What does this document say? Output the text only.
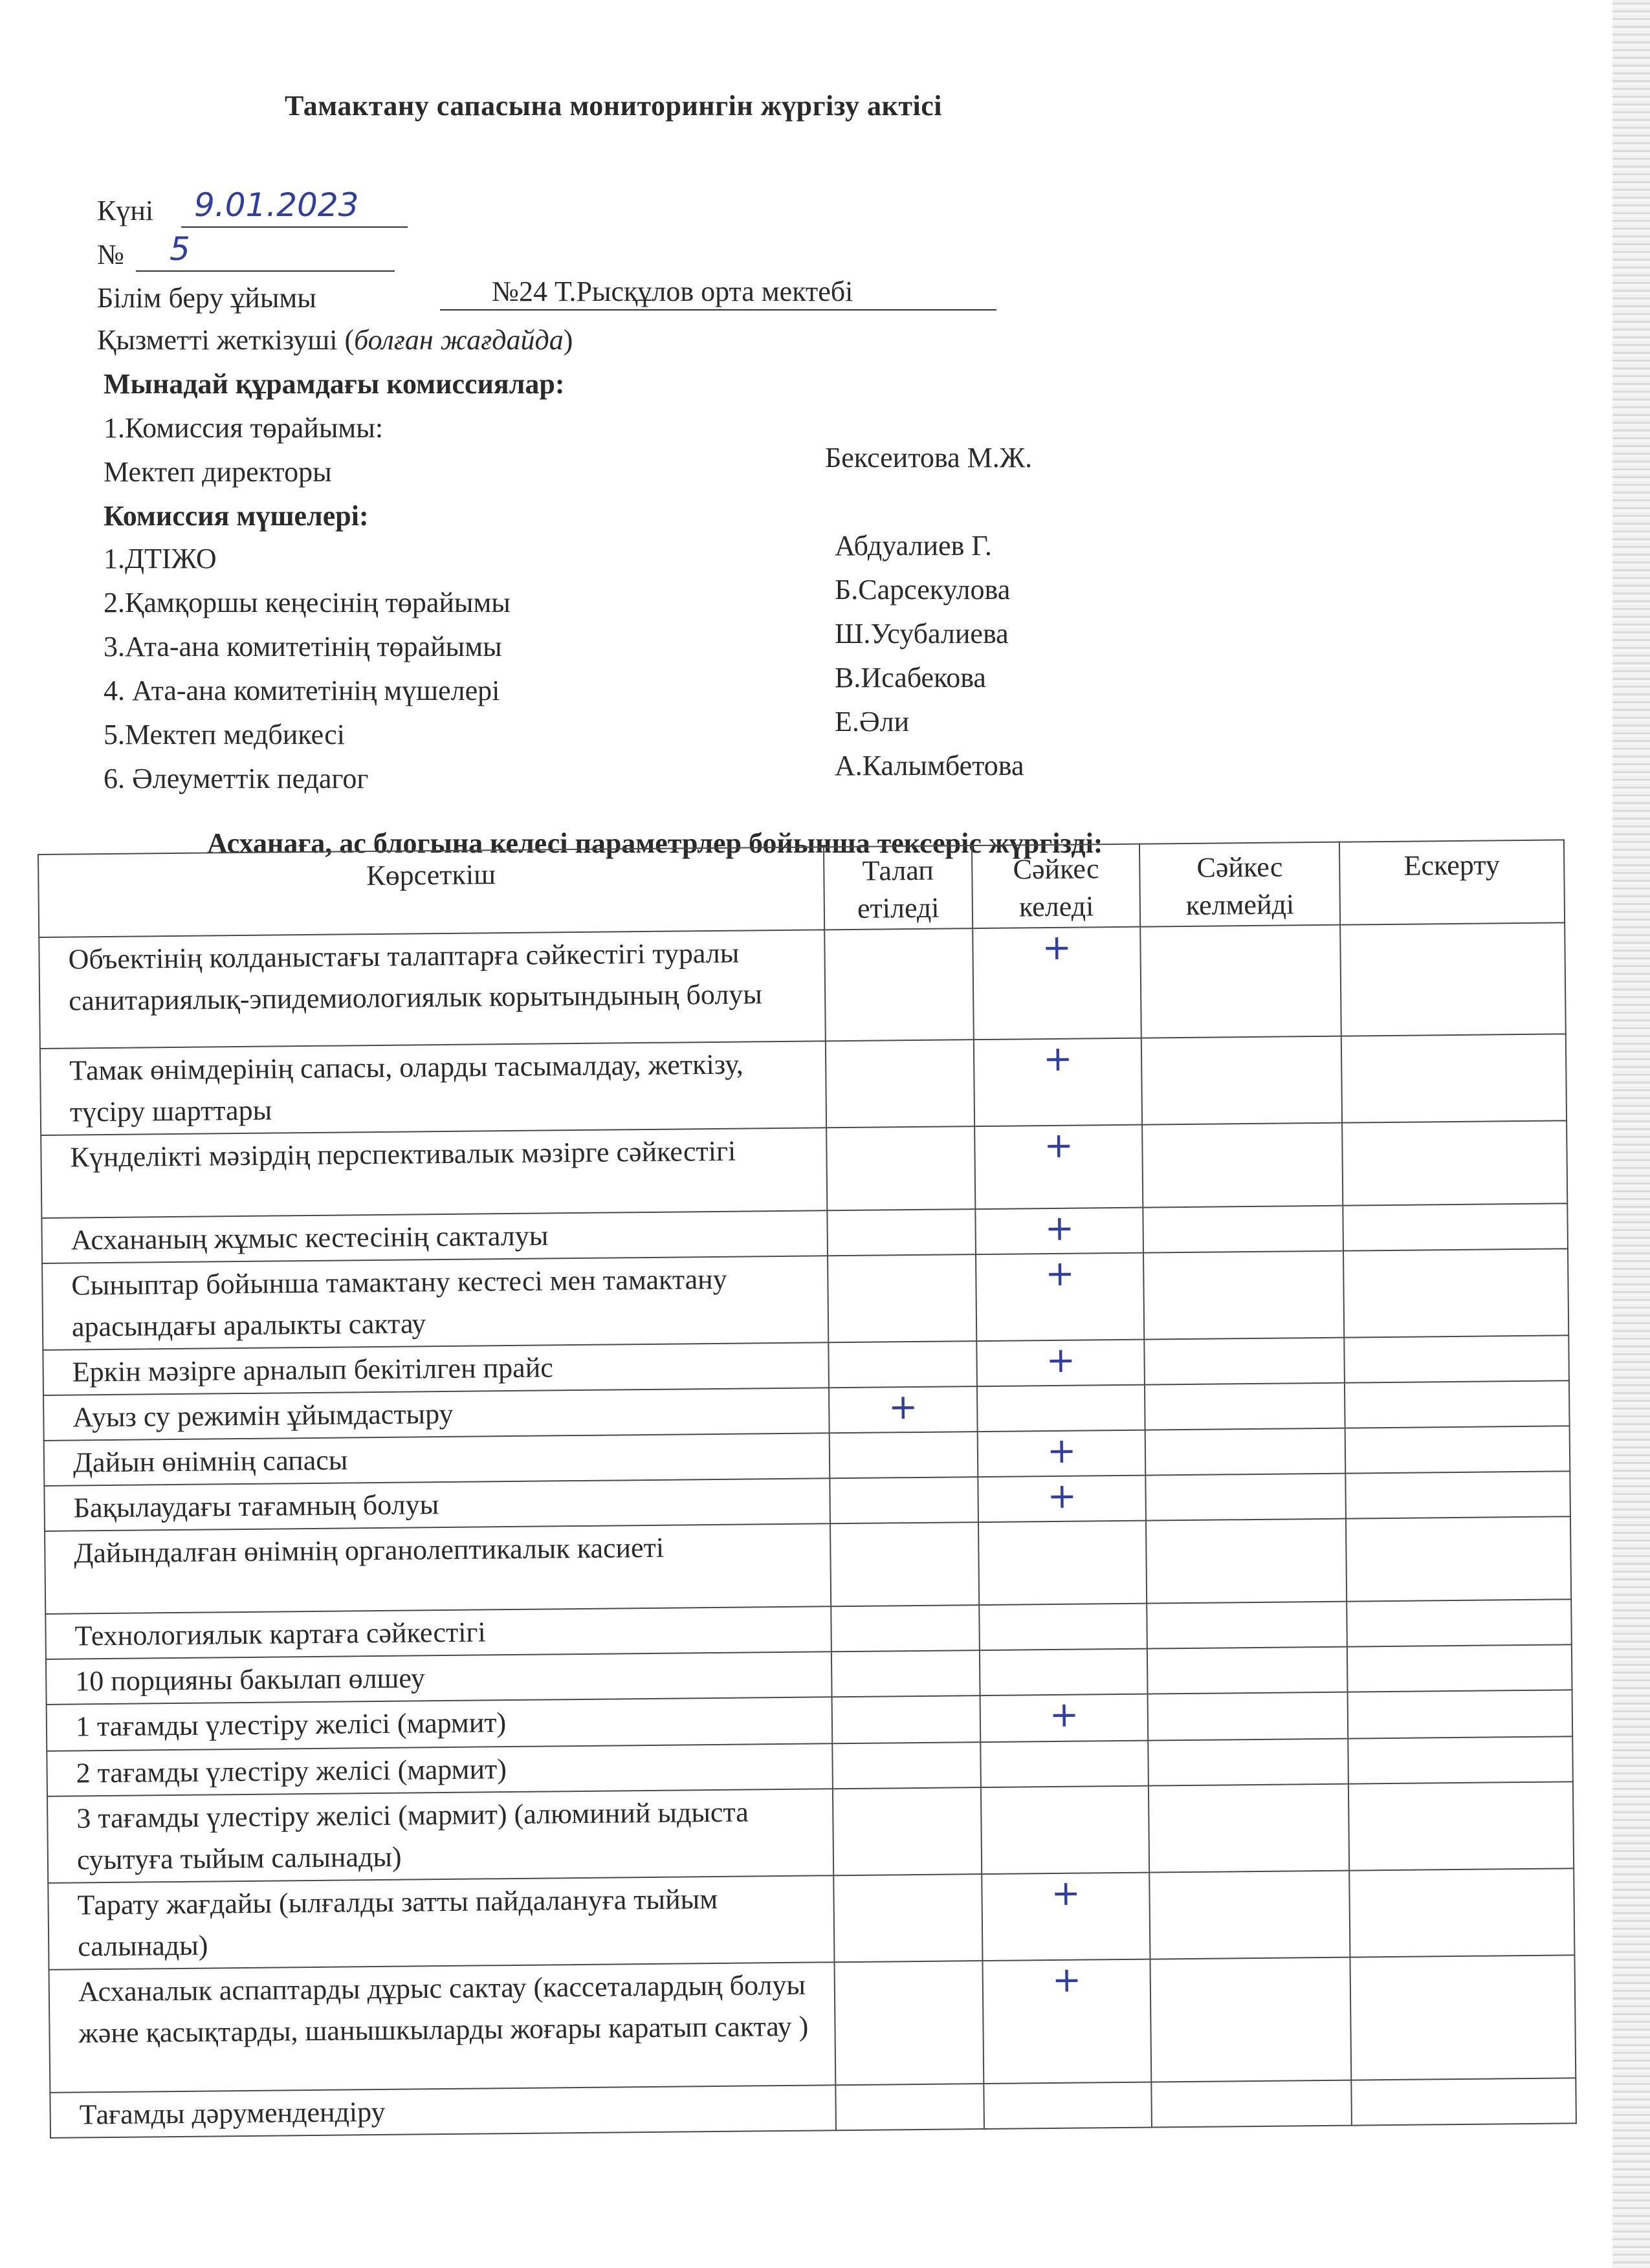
Тамактану сапасына мониторингін жүргізу актісі
Күні 9.01.2023
№ 5
Білім беру ұйымы	№24 Т.Рысқұлов орта мектебі
Қызметті жеткізуші (болған жағдайда)
Мынадай құрамдағы комиссиялар:
1.Комиссия төрайымы:
Мектеп директоры	Бексеитова М.Ж.
Комиссия мүшелері:
1.ДТІЖО
2.Қамқоршы кеңесінің төрайымы
3.Ата-ана комитетінің төрайымы
4. Ата-ана комитетінің мүшелері
5.Мектеп медбикесі
6. Әлеуметтік педагог
Абдуалиев Г.
Б.Сарсекулова
Ш.Усубалиева
В.Исабекова
Е.Әли
А.Калымбетова
Асханаға, ас блогына келесі параметрлер бойынша тексеріс жүргізді:
Көрсеткіш	Талап етіледі	Сәйкес келеді	Сәйкес келмейді	Ескерту
Объектінің колданыстағы талаптарға сәйкестігі туралы санитариялық-эпидемиологиялык корытындының болуы		+		

Тамак өнімдерінің сапасы, оларды тасымалдау, жеткізу, түсіру шарттары		+		

Күнделікті мәзірдің перспективалык мәзірге сәйкестігі		+		

Асхананың жұмыс кестесінің сакталуы		+		

Сыныптар бойынша тамактану кестесі мен тамактану арасындағы аралыкты сактау		+		

Еркін мәзірге арналып бекітілген прайс		+		

Ауыз су режимін ұйымдастыру	+			

Дайын өнімнің сапасы		+		

Бақылаудағы тағамның болуы		+		

Дайындалған өнімнің органолептикалык касиеті	

Технологиялык картаға сәйкестігі	

10 порцияны бакылап өлшеу	

1 тағамды үлестіру желісі (мармит)		+		

2 тағамды үлестіру желісі (мармит)	

3 тағамды үлестіру желісі (мармит) (алюминий ыдыста суытуға тыйым салынады)	

Тарату жағдайы (ылғалды затты пайдалануға тыйым салынады)		+		

Асханалык аспаптарды дұрыс сактау (кассеталардың болуы және қасықтарды, шанышкыларды жоғары каратып сактау )		+		

Тағамды дәрумендендіру	
